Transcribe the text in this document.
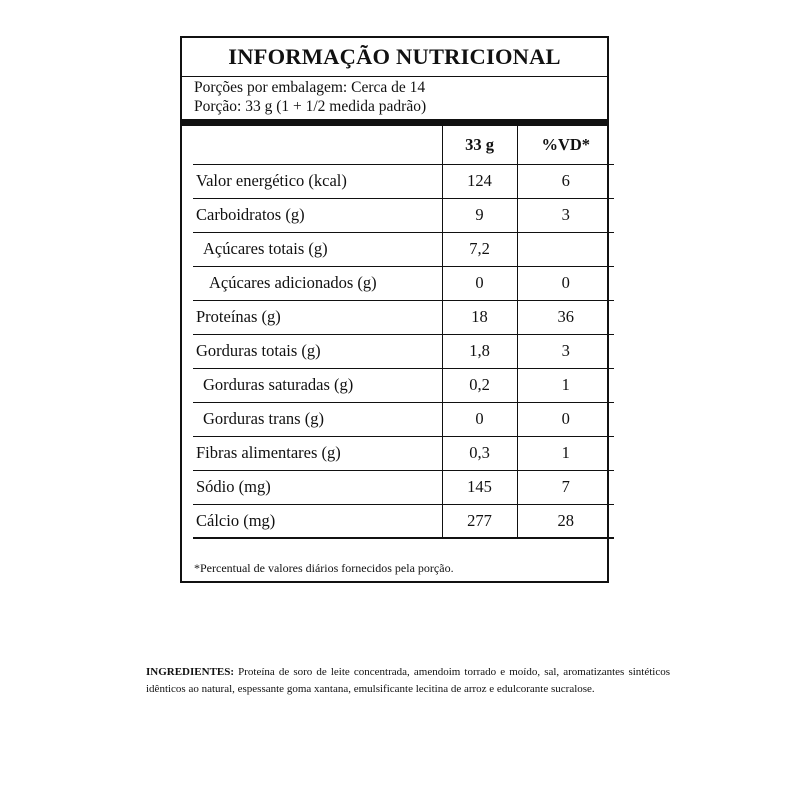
INFORMAÇÃO NUTRICIONAL
Porções por embalagem: Cerca de 14
Porção: 33 g (1 + 1/2 medida padrão)
	33 g	%VD*
Valor energético (kcal)	124	6
Carboidratos (g)	9	3
Açúcares totais (g)	7,2	
Açúcares adicionados (g)	0	0
Proteínas (g)	18	36
Gorduras totais (g)	1,8	3
Gorduras saturadas (g)	0,2	1
Gorduras trans (g)	0	0
Fibras alimentares (g)	0,3	1
Sódio (mg)	145	7
Cálcio (mg)	277	28
*Percentual de valores diários fornecidos pela porção.
INGREDIENTES: Proteína de soro de leite concentrada, amendoim torrado e moído, sal, aromatizantes sintéticos idênticos ao natural, espessante goma xantana, emulsificante lecitina de arroz e edulcorante sucralose.
